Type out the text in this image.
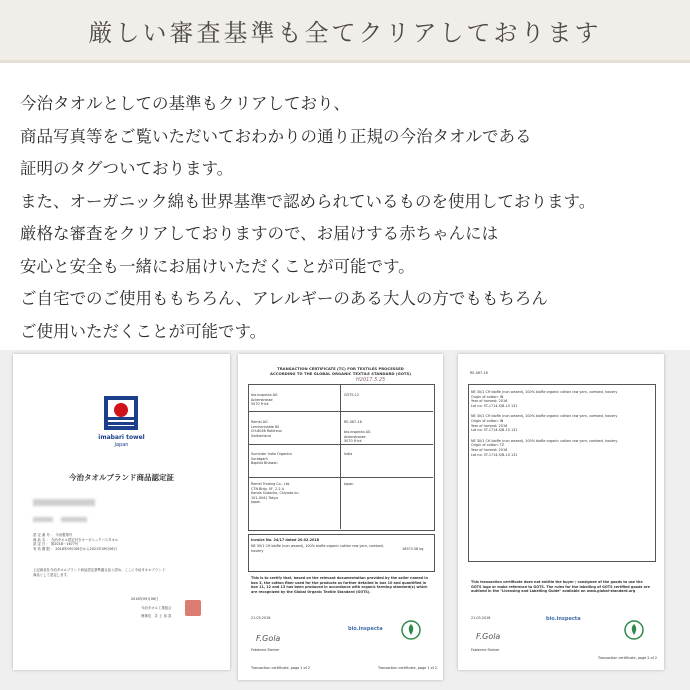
厳しい審査基準も全てクリアしております

今治タオルとしての基準もクリアしており、

商品写真等をご覧いただいておわかりの通り正規の今治タオルである

証明のタグついております。

また、オーガニック綿も世界基準で認められているものを使用しております。

厳格な審査をクリアしておりますので、お届けする赤ちゃんには

安心と安全も一緒にお届けいただくことが可能です。

ご自宅でのご使用ももちろん、アレルギーのある大人の方でももちろん

ご使用いただくことが可能です。

imabari towel
Japan
今治タオルブランド商品認定証
認 定 番 号 ： 今治製第号
商 品 名 ： 今治タオル認定付きオーガニックバスタオル
認 定 日 ： 第2018－1677号
有 効 期 限 ： 2018年09月06日から2021年09月06日
上記商品を今治タオルブランド商品認定基準適合品と認め、ここに今治タオルブランド
商品として認定します。
2018年09月06日
今治タオル工業組合
理事長　井 上 裕 喜
TRANSACTION CERTIFICATE (TC) FOR TEXTILES PROCESSED
ACCORDING TO THE GLOBAL ORGANIC TEXTILE STANDARD (GOTS)
H2017.5.25
bio.inspecta AG
Ackerstrasse
5070 Frick
GOTS-12
Remei AG
Lerchenhalde 80
CH-8046 Rotkreuz
Switzerland
RE-067-16
bio.inspecta AG
Ackerstrasse
5070 Frick
Suminter India Organics
Suratgarh
Baptist Bhawan
India
Remei Trading Co., Ltd.
CTN Bldg. 5F, 2-2-4
Kanda Sudacho, Chiyoda-ku
101-0041 Tokyo
Japan
Japan
Invoice No. 24/17 dated 20.02.2018
NE 30/1 CH bioRe (non waxed), 100% bioRe organic cotton raw yarn, combed, hosiery	16973.58 kg
This is to certify that, based on the relevant documentation provided by the seller named in box 3, the cotton fiber used for the products as further detailed in box 10 and quantified in box 11, 12 and 13 has been produced in accordance with organic farming standard(s) which are recognized by the Global Organic Textile Standard (GOTS).
21.03.2018
F.Gola
Fabienne Steiner
bio.inspecta
Transaction certificate, page 1 of 2	Transaction certificate, page 1 of 2
RE-067-16
NE 30/1 CH bioRe (non waxed), 100% bioRe organic cotton raw yarn, combed, hosiery
Origin of cotton: IN
Year of harvest: 2016
Lot no: 5T-1714-S/B-10 131
NE 30/1 CH bioRe (non waxed), 100% bioRe organic cotton raw yarn, combed, hosiery
Origin of cotton: IN
Year of harvest: 2016
Lot no: 5T-1714-S/B-10 131
NE 30/1 CH bioRe (non waxed), 100% bioRe organic cotton raw yarn, combed, hosiery
Origin of cotton: TZ
Year of harvest: 2016
Lot no: 5T-1714-S/B-10 131
This transaction certificate does not entitle the buyer / consignee of the goods to use the GOTS logo or make reference to GOTS. The rules for the labelling of GOTS certified goods are outlined in the "Licensing and Labelling Guide" available on www.global-standard.org
21.03.2018
F.Gola
Fabienne Steiner
bio.inspecta
Transaction certificate, page 2 of 2
